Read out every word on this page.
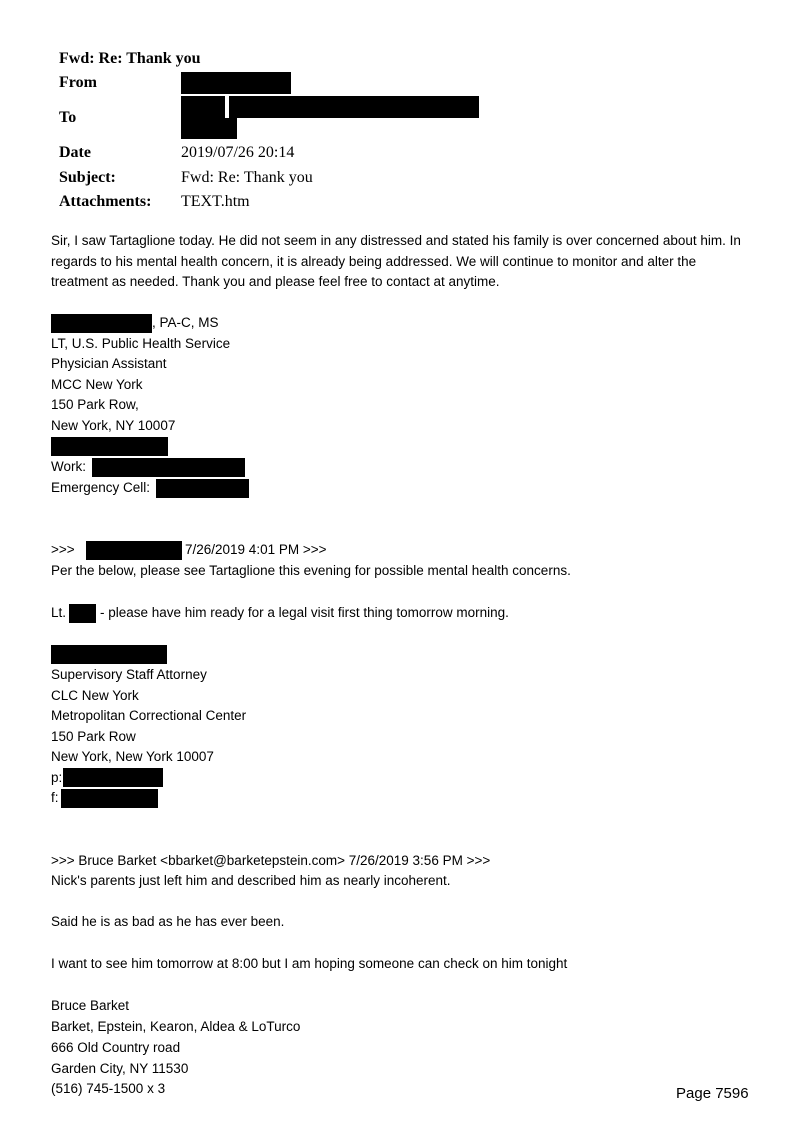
Fwd: Re: Thank you
From
To
Date	2019/07/26 20:14
Subject:	Fwd: Re: Thank you
Attachments: TEXT.htm
Sir, I saw Tartaglione today. He did not seem in any distressed and stated his family is over concerned about him. In regards to his mental health concern, it is already being addressed. We will continue to monitor and alter the treatment as needed. Thank you and please feel free to contact at anytime.
, PA-C, MS
LT, U.S. Public Health Service
Physician Assistant
MCC New York
150 Park Row,
New York, NY 10007
Work:
Emergency Cell:
>>>	7/26/2019 4:01 PM >>>
Per the below, please see Tartaglione this evening for possible mental health concerns.
Lt.	- please have him ready for a legal visit first thing tomorrow morning.
Supervisory Staff Attorney
CLC New York
Metropolitan Correctional Center
150 Park Row
New York, New York 10007
p:
f:
>>> Bruce Barket <bbarket@barketepstein.com> 7/26/2019 3:56 PM >>>
Nick's parents just left him and described him as nearly incoherent.
Said he is as bad as he has ever been.
I want to see him tomorrow at 8:00 but I am hoping someone can check on him tonight
Bruce Barket
Barket, Epstein, Kearon, Aldea & LoTurco
666 Old Country road
Garden City, NY 11530
(516) 745-1500 x 3	Page 7596
